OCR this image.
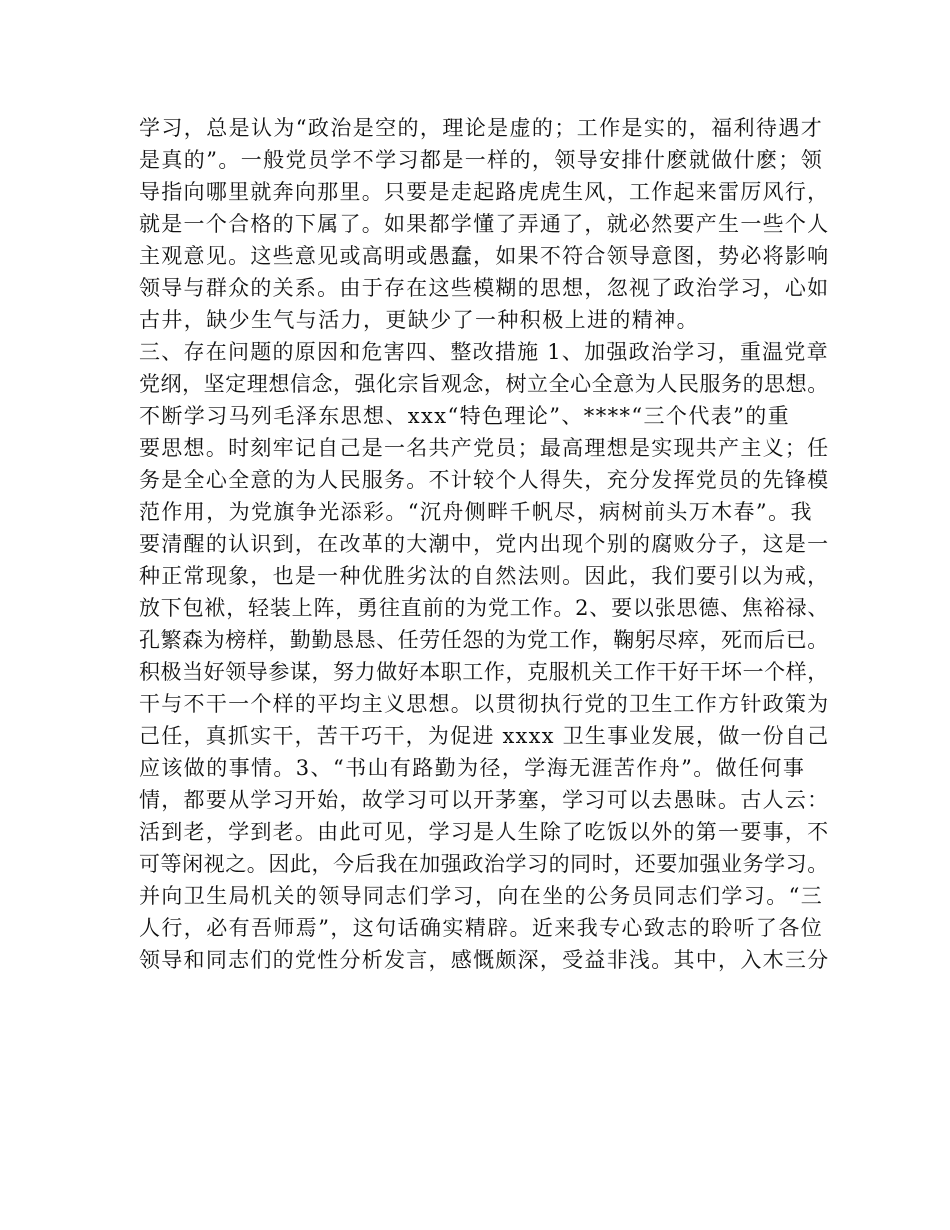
学习，总是认为“政治是空的，理论是虚的；工作是实的，福利待遇才
是真的”。一般党员学不学习都是一样的，领导安排什麽就做什麽；领
导指向哪里就奔向那里。只要是走起路虎虎生风，工作起来雷厉风行，
就是一个合格的下属了。如果都学懂了弄通了，就必然要产生一些个人
主观意见。这些意见或高明或愚蠢，如果不符合领导意图，势必将影响
领导与群众的关系。由于存在这些模糊的思想，忽视了政治学习，心如
古井，缺少生气与活力，更缺少了一种积极上进的精神。
三、存在问题的原因和危害四、整改措施 1、加强政治学习，重温党章
党纲，坚定理想信念，强化宗旨观念，树立全心全意为人民服务的思想。
不断学习马列毛泽东思想、xxx“特色理论”、****“三个代表”的重
要思想。时刻牢记自己是一名共产党员；最高理想是实现共产主义；任
务是全心全意的为人民服务。不计较个人得失，充分发挥党员的先锋模
范作用，为党旗争光添彩。“沉舟侧畔千帆尽，病树前头万木春”。我
要清醒的认识到，在改革的大潮中，党内出现个别的腐败分子，这是一
种正常现象，也是一种优胜劣汰的自然法则。因此，我们要引以为戒，
放下包袱，轻装上阵，勇往直前的为党工作。2、要以张思德、焦裕禄、
孔繁森为榜样，勤勤恳恳、任劳任怨的为党工作，鞠躬尽瘁，死而后已。
积极当好领导参谋，努力做好本职工作，克服机关工作干好干坏一个样，
干与不干一个样的平均主义思想。以贯彻执行党的卫生工作方针政策为
己任，真抓实干，苦干巧干，为促进 xxxx 卫生事业发展，做一份自己
应该做的事情。3、“书山有路勤为径，学海无涯苦作舟”。做任何事
情，都要从学习开始，故学习可以开茅塞，学习可以去愚昧。古人云：
活到老，学到老。由此可见，学习是人生除了吃饭以外的第一要事，不
可等闲视之。因此，今后我在加强政治学习的同时，还要加强业务学习。
并向卫生局机关的领导同志们学习，向在坐的公务员同志们学习。“三
人行，必有吾师焉”，这句话确实精辟。近来我专心致志的聆听了各位
领导和同志们的党性分析发言，感慨颇深，受益非浅。其中，入木三分
